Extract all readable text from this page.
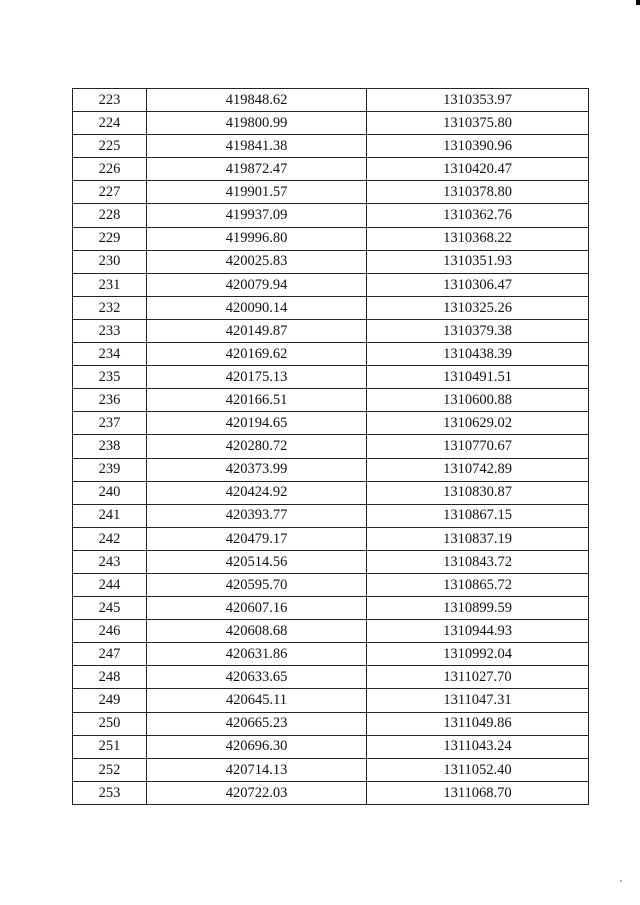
223	419848.62	1310353.97
224	419800.99	1310375.80
225	419841.38	1310390.96
226	419872.47	1310420.47
227	419901.57	1310378.80
228	419937.09	1310362.76
229	419996.80	1310368.22
230	420025.83	1310351.93
231	420079.94	1310306.47
232	420090.14	1310325.26
233	420149.87	1310379.38
234	420169.62	1310438.39
235	420175.13	1310491.51
236	420166.51	1310600.88
237	420194.65	1310629.02
238	420280.72	1310770.67
239	420373.99	1310742.89
240	420424.92	1310830.87
241	420393.77	1310867.15
242	420479.17	1310837.19
243	420514.56	1310843.72
244	420595.70	1310865.72
245	420607.16	1310899.59
246	420608.68	1310944.93
247	420631.86	1310992.04
248	420633.65	1311027.70
249	420645.11	1311047.31
250	420665.23	1311049.86
251	420696.30	1311043.24
252	420714.13	1311052.40
253	420722.03	1311068.70
